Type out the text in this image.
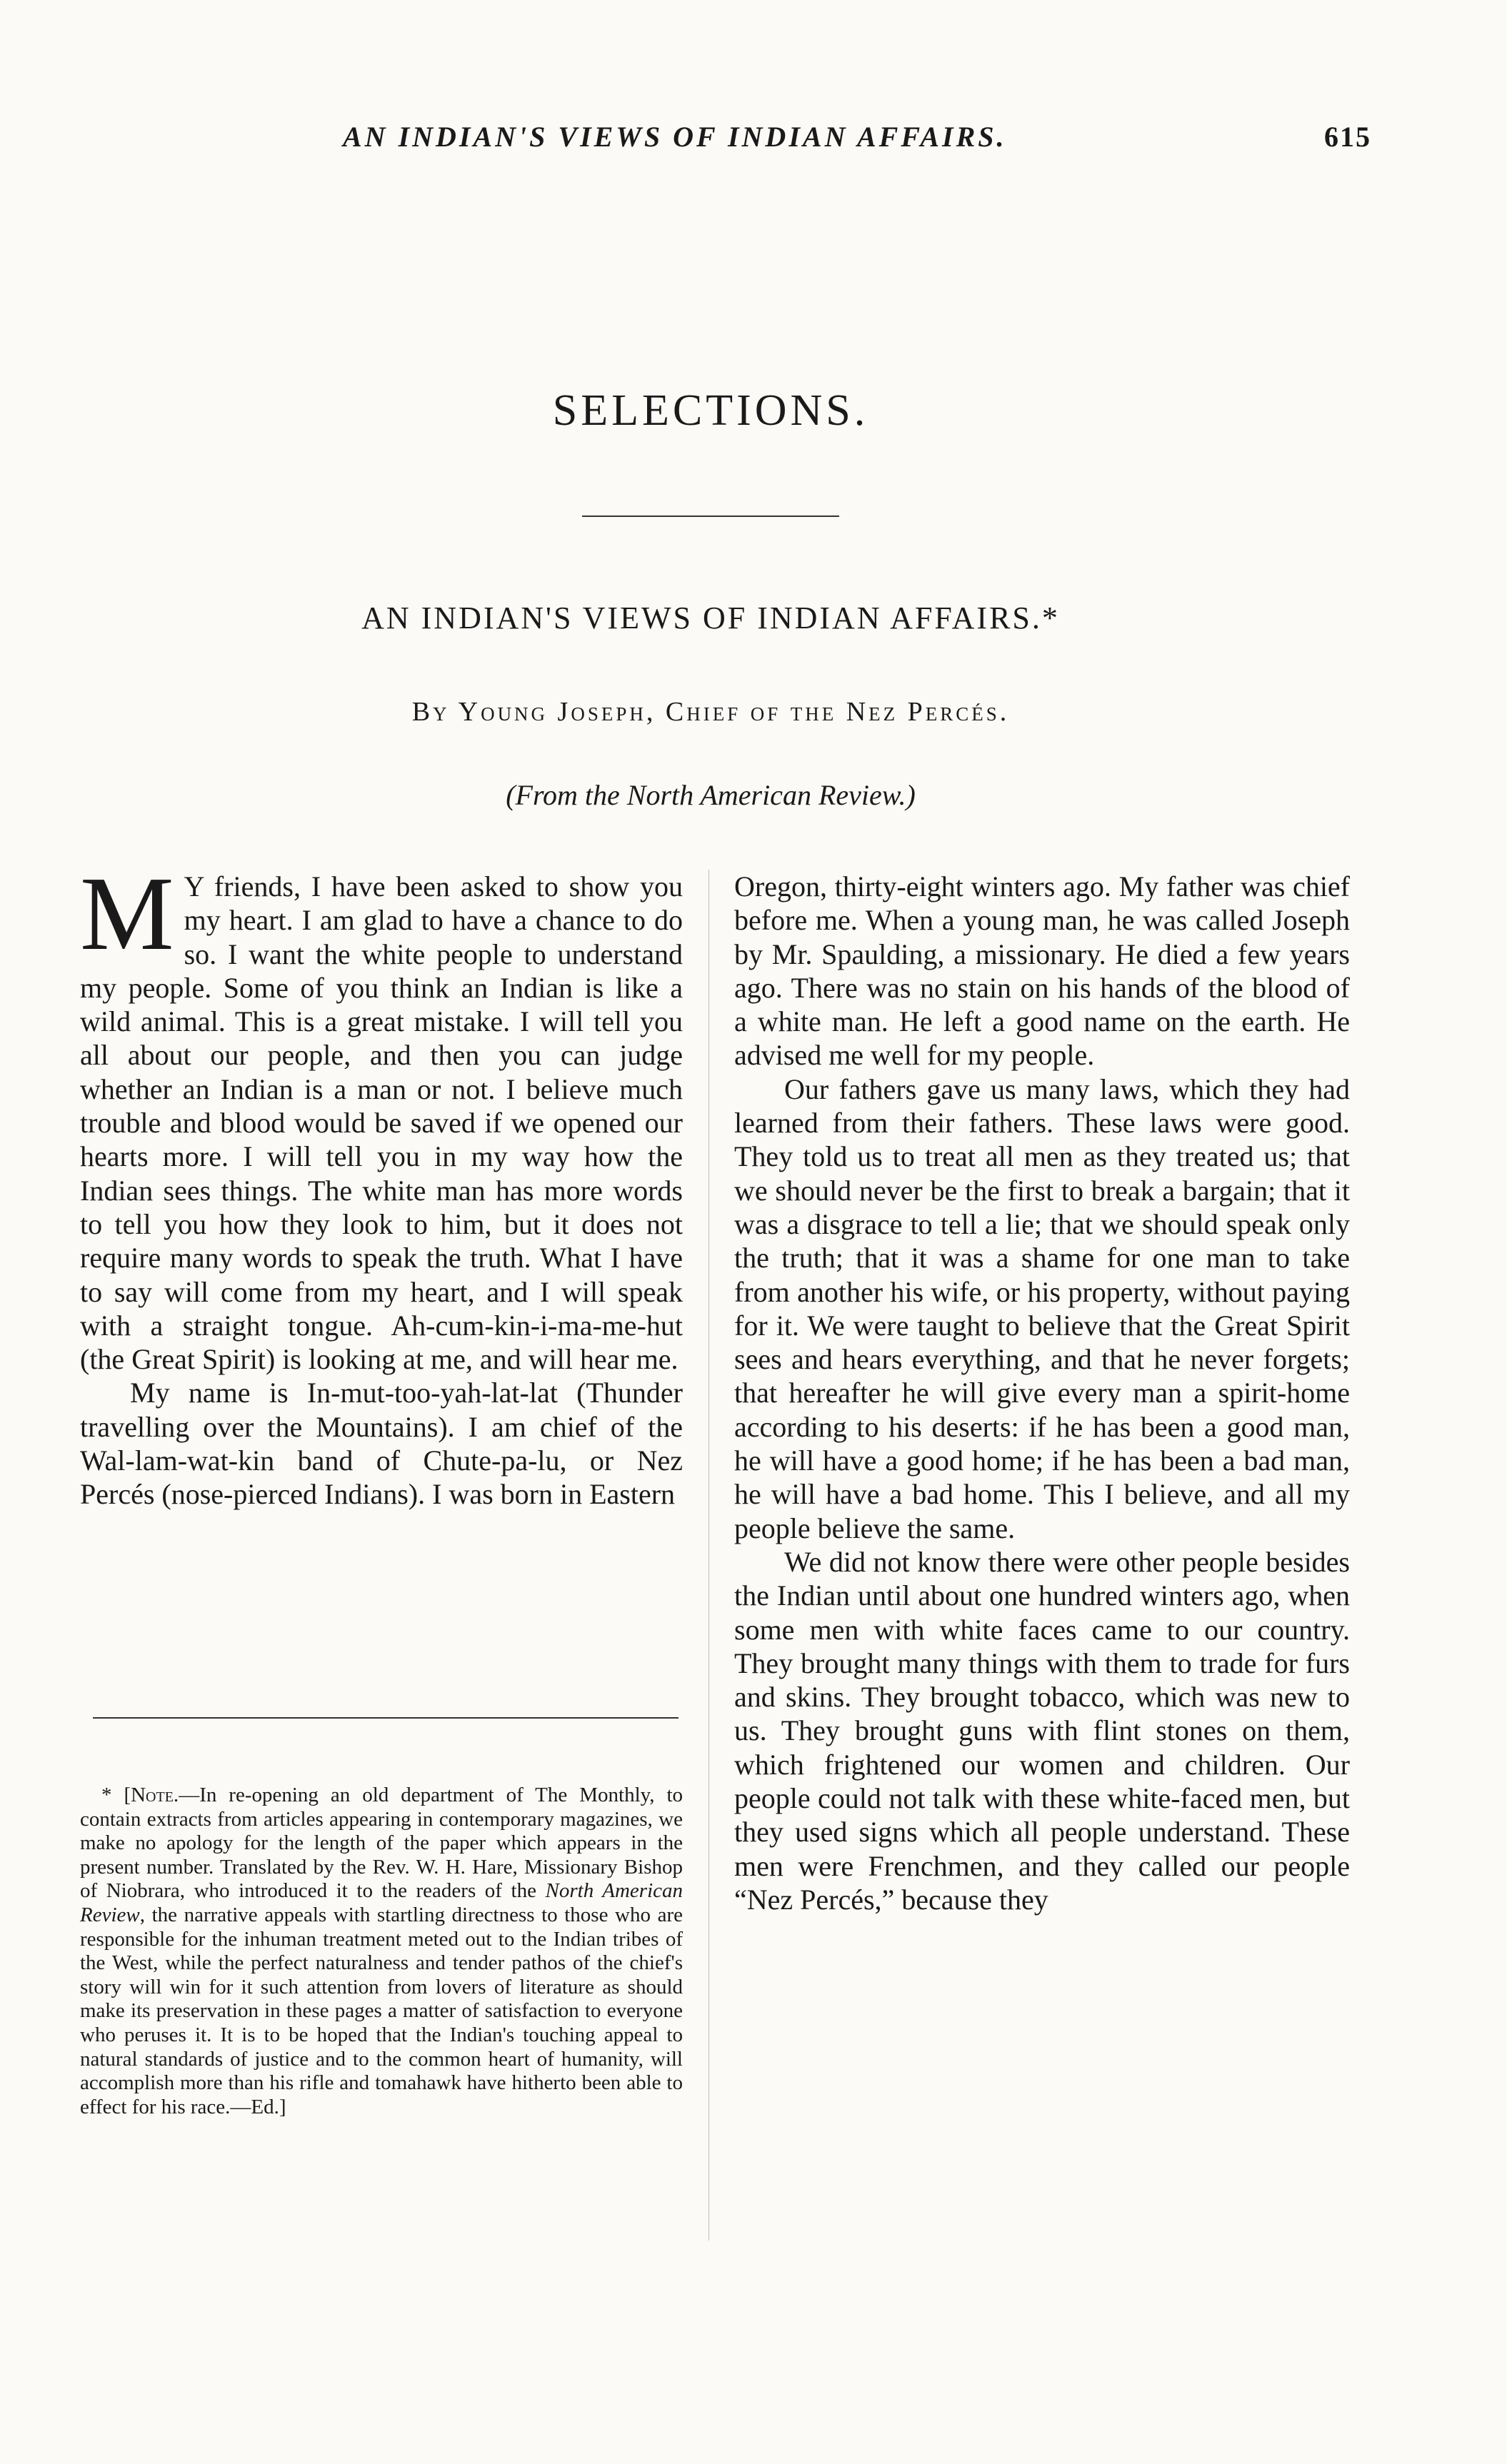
AN INDIAN'S VIEWS OF INDIAN AFFAIRS.	615
SELECTIONS.
AN INDIAN'S VIEWS OF INDIAN AFFAIRS.*
By Young Joseph, Chief of the Nez Percés.
(From the North American Review.)

M Y friends, I have been asked to show you my heart. I am glad to have a chance to do so. I want the white people to understand my people. Some of you think an Indian is like a wild animal. This is a great mistake. I will tell you all about our people, and then you can judge whether an Indian is a man or not. I believe much trouble and blood would be saved if we opened our hearts more. I will tell you in my way how the Indian sees things. The white man has more words to tell you how they look to him, but it does not require many words to speak the truth. What I have to say will come from my heart, and I will speak with a straight tongue. Ah-cum-kin-i-ma-me-hut (the Great Spirit) is looking at me, and will hear me.

My name is In-mut-too-yah-lat-lat (Thunder travelling over the Mountains). I am chief of the Wal-lam-wat-kin band of Chute-pa-lu, or Nez Percés (nose-pierced Indians). I was born in Eastern

Oregon, thirty-eight winters ago. My father was chief before me. When a young man, he was called Joseph by Mr. Spaulding, a missionary. He died a few years ago. There was no stain on his hands of the blood of a white man. He left a good name on the earth. He advised me well for my people.

Our fathers gave us many laws, which they had learned from their fathers. These laws were good. They told us to treat all men as they treated us; that we should never be the first to break a bargain; that it was a disgrace to tell a lie; that we should speak only the truth; that it was a shame for one man to take from another his wife, or his property, without paying for it. We were taught to believe that the Great Spirit sees and hears everything, and that he never forgets; that hereafter he will give every man a spirit-home according to his deserts: if he has been a good man, he will have a good home; if he has been a bad man, he will have a bad home. This I believe, and all my people believe the same.

We did not know there were other people besides the Indian until about one hundred winters ago, when some men with white faces came to our country. They brought many things with them to trade for furs and skins. They brought tobacco, which was new to us. They brought guns with flint stones on them, which frightened our women and children. Our people could not talk with these white-faced men, but they used signs which all people understand. These men were Frenchmen, and they called our people “Nez Percés,” because they

* [Note.—In re-opening an old department of The Monthly, to contain extracts from articles appearing in contemporary magazines, we make no apology for the length of the paper which appears in the present number. Translated by the Rev. W. H. Hare, Missionary Bishop of Niobrara, who introduced it to the readers of the North American Review, the narrative appeals with startling directness to those who are responsible for the inhuman treatment meted out to the Indian tribes of the West, while the perfect naturalness and tender pathos of the chief's story will win for it such attention from lovers of literature as should make its preservation in these pages a matter of satisfaction to everyone who peruses it. It is to be hoped that the Indian's touching appeal to natural standards of justice and to the common heart of humanity, will accomplish more than his rifle and tomahawk have hitherto been able to effect for his race.—Ed.]
